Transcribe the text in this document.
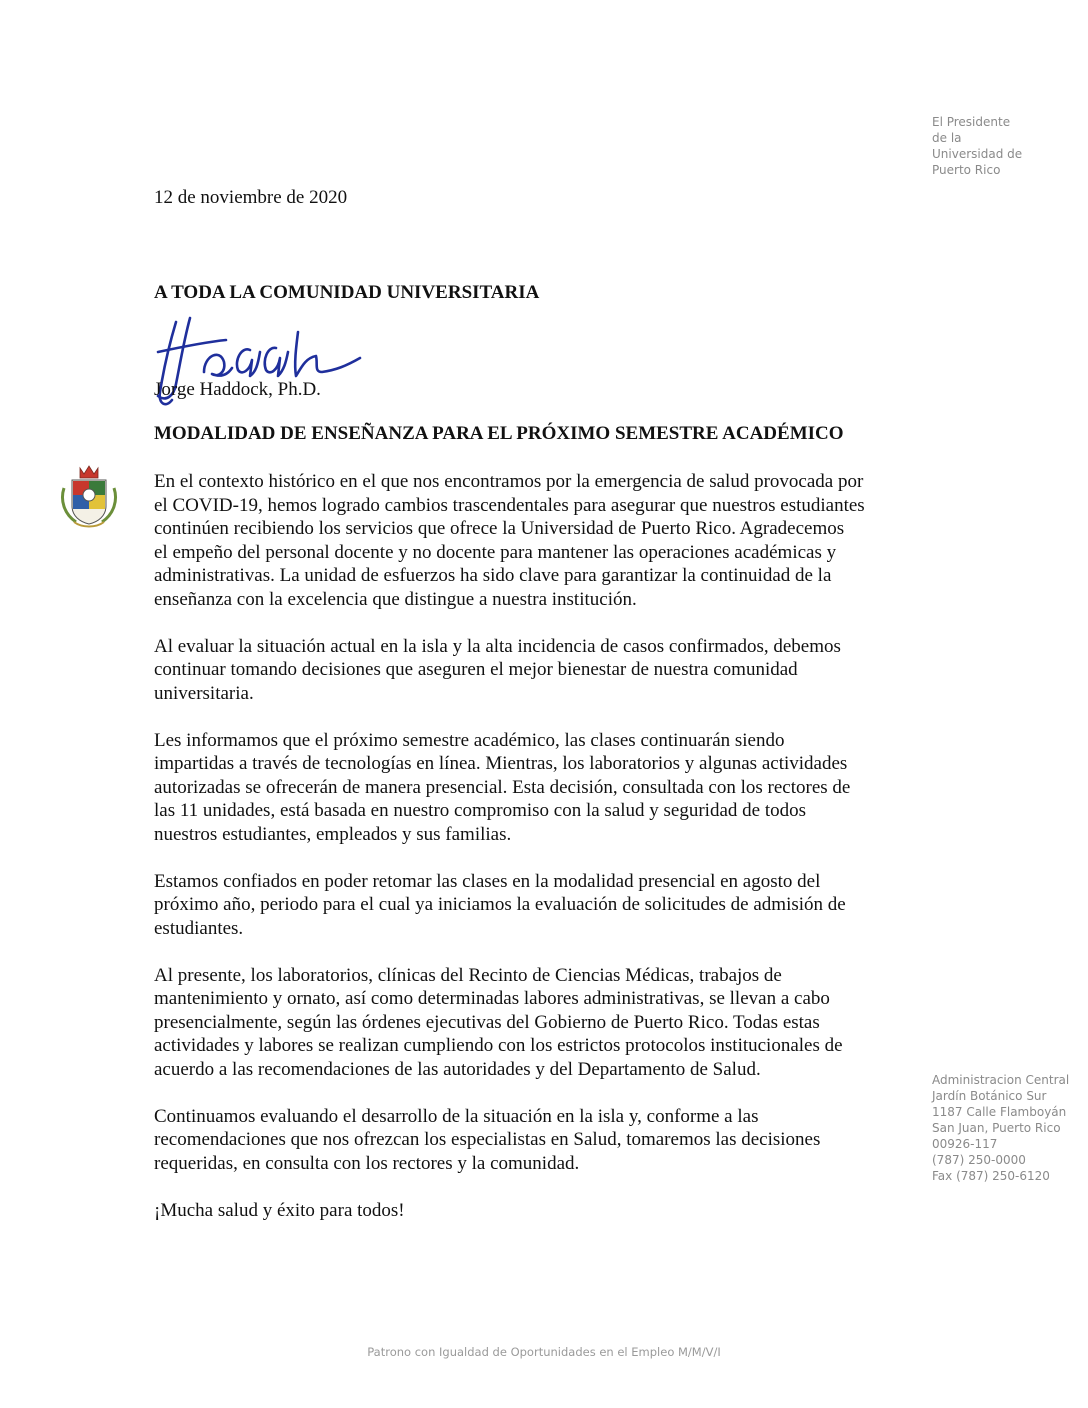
El Presidente
de la
Universidad de
Puerto Rico
12 de noviembre de 2020
A TODA LA COMUNIDAD UNIVERSITARIA
Jorge Haddock, Ph.D.
MODALIDAD DE ENSEÑANZA PARA EL PRÓXIMO SEMESTRE ACADÉMICO
En el contexto histórico en el que nos encontramos por la emergencia de salud provocada por
el COVID-19, hemos logrado cambios trascendentales para asegurar que nuestros estudiantes
continúen recibiendo los servicios que ofrece la Universidad de Puerto Rico. Agradecemos
el empeño del personal docente y no docente para mantener las operaciones académicas y
administrativas. La unidad de esfuerzos ha sido clave para garantizar la continuidad de la
enseñanza con la excelencia que distingue a nuestra institución.
Al evaluar la situación actual en la isla y la alta incidencia de casos confirmados, debemos
continuar tomando decisiones que aseguren el mejor bienestar de nuestra comunidad
universitaria.
Les informamos que el próximo semestre académico, las clases continuarán siendo
impartidas a través de tecnologías en línea. Mientras, los laboratorios y algunas actividades
autorizadas se ofrecerán de manera presencial. Esta decisión, consultada con los rectores de
las 11 unidades, está basada en nuestro compromiso con la salud y seguridad de todos
nuestros estudiantes, empleados y sus familias.
Estamos confiados en poder retomar las clases en la modalidad presencial en agosto del
próximo año, periodo para el cual ya iniciamos la evaluación de solicitudes de admisión de
estudiantes.
Al presente, los laboratorios, clínicas del Recinto de Ciencias Médicas, trabajos de
mantenimiento y ornato, así como determinadas labores administrativas, se llevan a cabo
presencialmente, según las órdenes ejecutivas del Gobierno de Puerto Rico. Todas estas
actividades y labores se realizan cumpliendo con los estrictos protocolos institucionales de
acuerdo a las recomendaciones de las autoridades y del Departamento de Salud.
Continuamos evaluando el desarrollo de la situación en la isla y, conforme a las
recomendaciones que nos ofrezcan los especialistas en Salud, tomaremos las decisiones
requeridas, en consulta con los rectores y la comunidad.
¡Mucha salud y éxito para todos!
Administracion Central
Jardín Botánico Sur
1187 Calle Flamboyán
San Juan, Puerto Rico
00926-117
(787) 250-0000
Fax (787) 250-6120
Patrono con Igualdad de Oportunidades en el Empleo M/M/V/I
